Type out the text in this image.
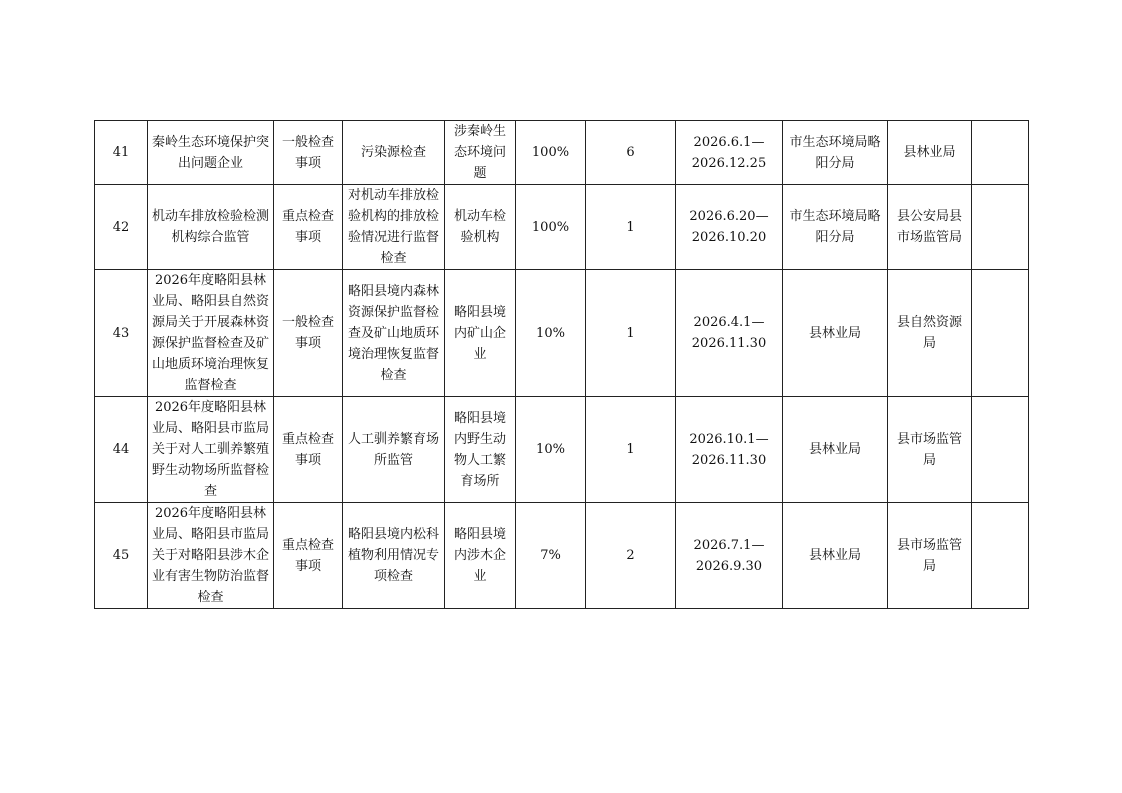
41	秦岭生态环境保护突出问题企业	一般检查事项	污染源检查	涉秦岭生态环境问题	100%	6	2026.6.1—2026.12.25	市生态环境局略阳分局	县林业局	
42	机动车排放检验检测机构综合监管	重点检查事项	对机动车排放检验机构的排放检验情况进行监督检查	机动车检验机构	100%	1	2026.6.20—2026.10.20	市生态环境局略阳分局	县公安局县市场监管局	
43	2026年度略阳县林业局、略阳县自然资源局关于开展森林资源保护监督检查及矿山地质环境治理恢复监督检查	一般检查事项	略阳县境内森林资源保护监督检查及矿山地质环境治理恢复监督检查	略阳县境内矿山企业	10%	1	2026.4.1—2026.11.30	县林业局	县自然资源局	
44	2026年度略阳县林业局、略阳县市监局关于对人工驯养繁殖野生动物场所监督检查	重点检查事项	人工驯养繁育场所监管	略阳县境内野生动物人工繁育场所	10%	1	2026.10.1—2026.11.30	县林业局	县市场监管局	
45	2026年度略阳县林业局、略阳县市监局关于对略阳县涉木企业有害生物防治监督检查	重点检查事项	略阳县境内松科植物利用情况专项检查	略阳县境内涉木企业	7%	2	2026.7.1—2026.9.30	县林业局	县市场监管局	
